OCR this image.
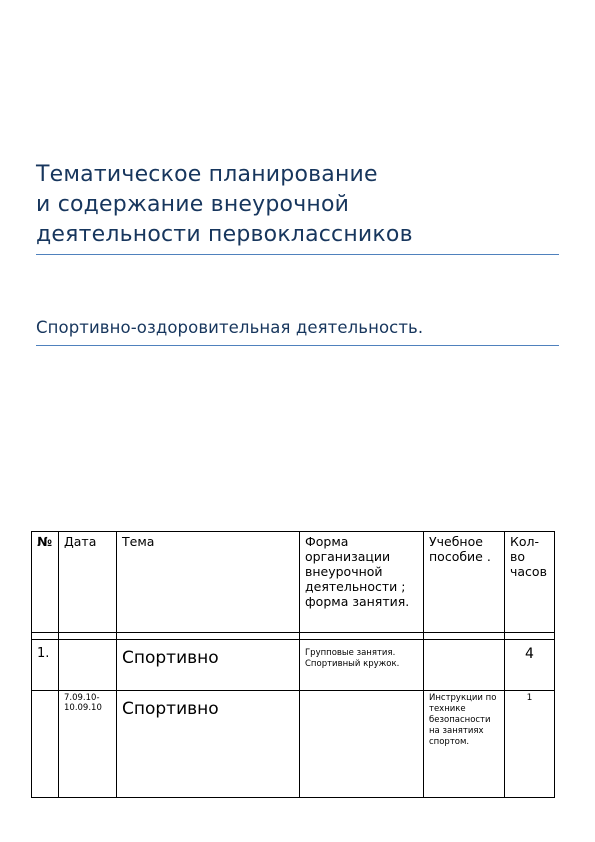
Тематическое планирование
и содержание внеурочной
деятельности первоклассников
Спортивно-оздоровительная деятельность.
№	Дата	Тема	Форма организации внеурочной деятельности ; форма занятия.	Учебное пособие .	Кол-во часов

1.		Спортивно	Групповые занятия. Спортивный кружок.		4
	7.09.10-10.09.10	Спортивно		Инструкции по технике безопасности на занятиях спортом.	1
